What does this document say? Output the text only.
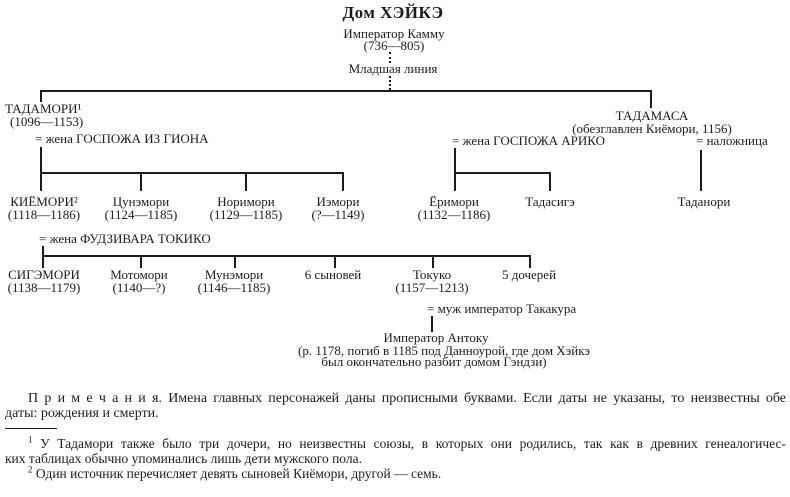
Дом ХЭЙКЭ
Император Камму
(736—805)
Младшая линия
ТАДАМОРИ¹
(1096—1153)
= жена ГОСПОЖА ИЗ ГИОНА
ТАДАМАСА
(обезглавлен Киёмори, 1156)
= жена ГОСПОЖА АРИКО	= наложница
КИЁМОРИ²
(1118—1186)
Цунэмори
(1124—1185)
Норимори
(1129—1185)
Иэмори
(?—1149)
Ёримори
(1132—1186)
Тадасигэ	Таданори
= жена ФУДЗИВАРА ТОКИКО
СИГЭМОРИ
(1138—1179)
Мотомори
(1140—?)
Мунэмори
(1146—1185)
6 сыновей	Токуко
(1157—1213)
5 дочерей
= муж император Такакура
Император Антоку
(р. 1178, погиб в 1185 под Данноурой, где дом Хэйкэ
был окончательно разбит домом Гэндзи)
П р и м е ч а н и я. Имена главных персонажей даны прописными буквами. Если даты не указаны, то неизвестны обе
даты: рождения и смерти.
$^1$ У Тадамори также было три дочери, но неизвестны союзы, в которых они родились, так как в древних генеалогичес-
ких таблицах обычно упоминались лишь дети мужского пола.
$^2$ Один источник перечисляет девять сыновей Киёмори, другой — семь.
